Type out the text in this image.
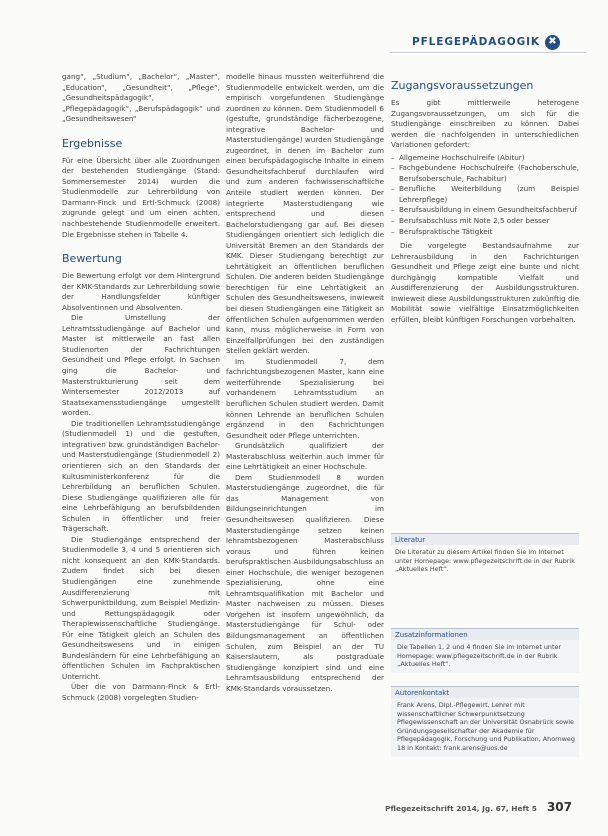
PFLEGEPÄDAGOGIK ✖

gang“, „Studium“, „Bachelor“, „Master“, „Education“, „Gesundheit“, „Pflege“, „Gesundheitspädagogik“, „Pflegepädagogik“, „Berufspädagogik“ und „Gesundheitswesen“

Ergebnisse

Für eine Übersicht über alle Zuordnungen der bestehenden Studiengänge (Stand: Sommersemester 2014) wurden die Studienmodelle zur Lehrerbildung von Darmann-Finck und Ertl-Schmuck (2008) zugrunde gelegt und um einen achten, nachbestehende Studienmodelle erweitert. Die Ergebnisse stehen in Tabelle 4.

Bewertung

Die Bewertung erfolgt vor dem Hintergrund der KMK-Standards zur Lehrerbildung sowie der Handlungsfelder künftiger Absolventinnen und Absolventen.

Die Umstellung der Lehramtsstudiengänge auf Bachelor und Master ist mittlerweile an fast allen Studienorten der Fachrichtungen Gesundheit und Pflege erfolgt. In Sachsen ging die Bachelor- und Masterstrukturierung seit dem Wintersemester 2012/2013 auf Staatsexamensstudiengänge umgestellt worden.

Die traditionellen Lehramtsstudiengänge (Studienmodell 1) und die gestuften, integrativen bzw. grundständigen Bachelor- und Masterstudiengänge (Studienmodell 2) orientieren sich an den Standards der Kultusministerkonferenz für die Lehrerbildung an beruflichen Schulen. Diese Studiengänge qualifizieren alle für eine Lehrbefähigung an berufsbildenden Schulen in öffentlicher und freier Trägerschaft.

Die Studiengänge entsprechend der Studienmodelle 3, 4 und 5 orientieren sich nicht konsequent an den KMK-Standards. Zudem findet sich bei diesen Studiengängen eine zunehmende Ausdifferenzierung mit Schwerpunktbildung, zum Beispiel Medizin- und Rettungspädagogik oder Therapiewissenschaftliche Studiengänge. Für eine Tätigkeit gleich an Schulen des Gesundheitswesens und in einigen Bundesländern für eine Lehrbefähigung an öffentlichen Schulen im Fachpraktischen Unterricht.

Über die von Darmann-Finck & Ertl-Schmuck (2008) vorgelegten Studien-

modelle hinaus mussten weiterführend die Studienmodelle entwickelt werden, um die empirisch vorgefundenen Studiengänge zuordnen zu können. Dem Studienmodell 6 (gestufte, grundständige fächerbezogene, integrative Bachelor- und Masterstudiengänge) wurden Studiengänge zugeordnet, in denen im Bachelor zum einen berufspädagogische Inhalte in einem Gesundheitsfachberuf durchlaufen wird und zum anderen fachwissenschaftliche Anteile studiert werden können. Der integrierte Masterstudiengang wie entsprechend und diesen Bachelorstudiengang gar auf. Bei diesen Studiengängen orientiert sich lediglich die Universität Bremen an den Standards der KMK. Dieser Studiengang berechtigt zur Lehrtätigkeit an öffentlichen beruflichen Schulen. Die anderen beiden Studiengänge berechtigen für eine Lehrtätigkeit an Schulen des Gesundheitswesens, inwieweit bei diesen Studiengängen eine Tätigkeit an öffentlichen Schulen aufgenommen werden kann, muss möglicherweise in Form von Einzelfallprüfungen bei den zuständigen Stellen geklärt werden.

Im Studienmodell 7, dem fachrichtungsbezogenen Master, kann eine weiterführende Spezialisierung bei vorhandenem Lehramtsstudium an beruflichen Schulen studiert werden. Damit können Lehrende an beruflichen Schulen ergänzend in den Fachrichtungen Gesundheit oder Pflege unterrichten.

Grundsätzlich qualifiziert der Masterabschluss weiterhin auch immer für eine Lehrtätigkeit an einer Hochschule.

Dem Studienmodell 8 wurden Masterstudiengänge zugeordnet, die für das Management von Bildungseinrichtungen im Gesundheitswesen qualifizieren. Diese Masterstudiengänge setzen keinen lehramtsbezogenen Masterabschluss voraus und führen keinen berufspraktischen Ausbildungsabschluss an einer Hochschule, die weniger bezogenen Spezialisierung, ohne eine Lehramtsqualifikation mit Bachelor und Master nachweisen zu müssen. Dieses Vorgehen ist insofern ungewöhnlich, da Masterstudiengänge für Schul- oder Bildungsmanagement an öffentlichen Schulen, zum Beispiel an der TU Kaiserslautern, als postgraduale Studiengänge konzipiert sind und eine Lehramtsausbildung entsprechend der KMK-Standards voraussetzen.

Zugangsvoraussetzungen

Es gibt mittlerweile heterogene Zugangsvoraussetzungen, um sich für die Studiengänge einschreiben zu können. Dabei werden die nachfolgenden in unterschiedlichen Variationen gefordert:

– Allgemeine Hochschulreife (Abitur)
– Fachgebundene Hochschulreife (Fachoberschule, Berufsoberschule, Fachabitur)
– Berufliche Weiterbildung (zum Beispiel Lehrerpflege)
– Berufsausbildung in einem Gesundheitsfachberuf
– Berufsabschluss mit Note 2,5 oder besser
– Berufspraktische Tätigkeit

Die vorgelegte Bestandsaufnahme zur Lehrerausbildung in den Fachrichtungen Gesundheit und Pflege zeigt eine bunte und nicht durchgängig kompatible Vielfalt und Ausdifferenzierung der Ausbildungsstrukturen. Inwieweit diese Ausbildungsstrukturen zukünftig die Mobilität sowie vielfältige Einsatzmöglichkeiten erfüllen, bleibt künftigen Forschungen vorbehalten.

Literatur
Die Literatur zu diesem Artikel finden Sie im Internet unter Homepage: www.pflegezeitschrift.de in der Rubrik „Aktuelles Heft“.
Zusatzinformationen
Die Tabellen 1, 2 und 4 finden Sie im Internet unter Homepage: www.pflegezeitschrift.de in der Rubrik „Aktuelles Heft“.
Autorenkontakt
Frank Arens, Dipl.-Pflegewirt, Lehrer mit wissenschaftlicher Schwerpunktsetzung Pflegewissenschaft an der Universität Osnabrück sowie Gründungsgesellschafter der Akademie für Pflegepädagogik, Forschung und Publikation, Ahornweg 18 in Kontakt: frank.arens@uos.de
Pflegezeitschrift 2014, Jg. 67, Heft 5 307
